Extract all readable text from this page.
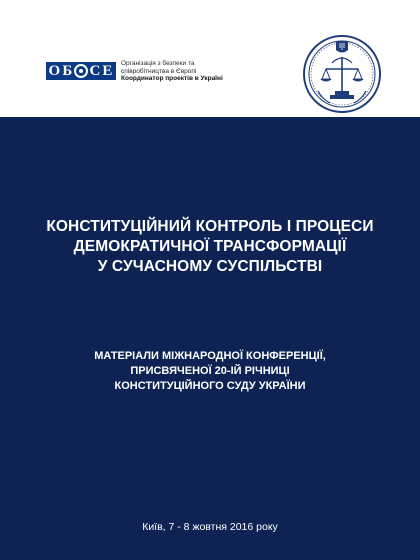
О Б С Е Організація з безпеки та
співробітництва в Європі
Координатор проектів в Україні
КОНСТИТУЦІЙНИЙ КОНТРОЛЬ І ПРОЦЕСИ
ДЕМОКРАТИЧНОЇ ТРАНСФОРМАЦІЇ
У СУЧАСНОМУ СУСПІЛЬСТВІ
МАТЕРІАЛИ МІЖНАРОДНОЇ КОНФЕРЕНЦІЇ,
ПРИСВЯЧЕНОЇ 20-ІЙ РІЧНИЦІ
КОНСТИТУЦІЙНОГО СУДУ УКРАЇНИ
Київ, 7 - 8 жовтня 2016 року
